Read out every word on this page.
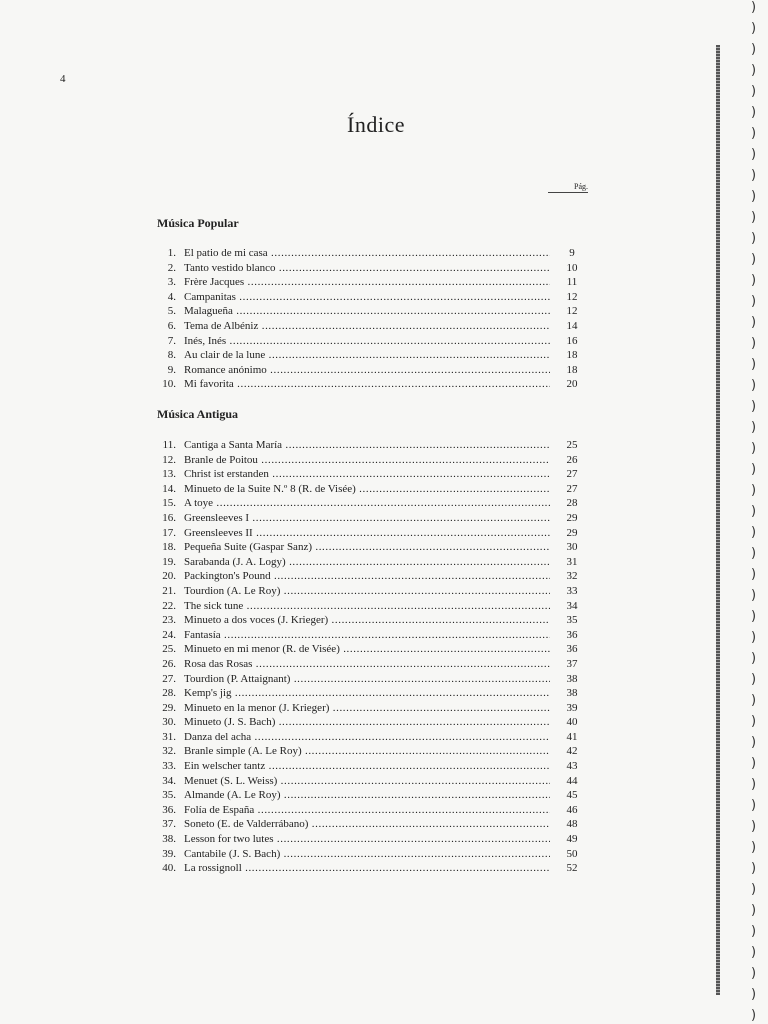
4
Índice
Pág.
Música Popular
1. El patio de mi casa .....	9
2. Tanto vestido blanco .....	10
3. Frère Jacques .....	11
4. Campanitas .....	12
5. Malagueña .....	12
6. Tema de Albéniz .....	14
7. Inés, Inés .....	16
8. Au clair de la lune .....	18
9. Romance anónimo .....	18
10. Mi favorita .....	20
Música Antigua
11. Cantiga a Santa María .....	25
12. Branle de Poitou .....	26
13. Christ ist erstanden .....	27
14. Minueto de la Suite N.º 8 (R. de Visée) .....	27
15. A toye .....	28
16. Greensleeves I .....	29
17. Greensleeves II .....	29
18. Pequeña Suite (Gaspar Sanz) .....	30
19. Sarabanda (J. A. Logy) .....	31
20. Packington's Pound .....	32
21. Tourdion (A. Le Roy) .....	33
22. The sick tune .....	34
23. Minueto a dos voces (J. Krieger) .....	35
24. Fantasía .....	36
25. Minueto en mi menor (R. de Visée) .....	36
26. Rosa das Rosas .....	37
27. Tourdion (P. Attaignant) .....	38
28. Kemp's jig .....	38
29. Minueto en la menor (J. Krieger) .....	39
30. Minueto (J. S. Bach) .....	40
31. Danza del acha .....	41
32. Branle simple (A. Le Roy) .....	42
33. Ein welscher tantz .....	43
34. Menuet (S. L. Weiss) .....	44
35. Almande (A. Le Roy) .....	45
36. Folía de España .....	46
37. Soneto (E. de Valderrábano) .....	48
38. Lesson for two lutes .....	49
39. Cantabile (J. S. Bach) .....	50
40. La rossignoll .....	52
)
)
)
)
)
)
)
)
)
)
)
)
)
)
)
)
)
)
)
)
)
)
)
)
)
)
)
)
)
)
)
)
)
)
)
)
)
)
)
)
)
)
)
)
)
)
)
)
)
